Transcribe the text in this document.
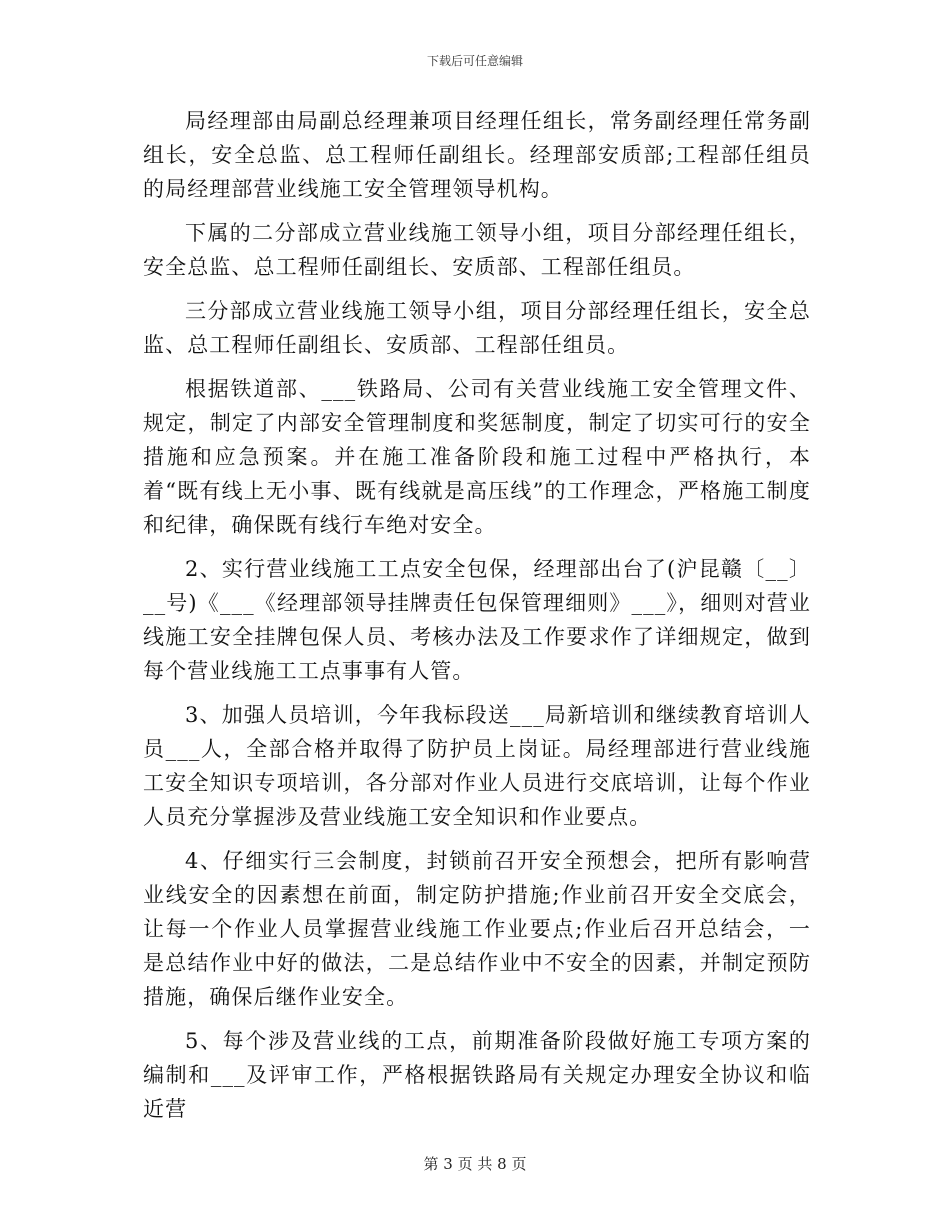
下载后可任意编辑

局经理部由局副总经理兼项目经理任组长，常务副经理任常务副组长，安全总监、总工程师任副组长。经理部安质部;工程部任组员的局经理部营业线施工安全管理领导机构。

下属的二分部成立营业线施工领导小组，项目分部经理任组长，安全总监、总工程师任副组长、安质部、工程部任组员。

三分部成立营业线施工领导小组，项目分部经理任组长，安全总监、总工程师任副组长、安质部、工程部任组员。

根据铁道部、___铁路局、公司有关营业线施工安全管理文件、规定，制定了内部安全管理制度和奖惩制度，制定了切实可行的安全措施和应急预案。并在施工准备阶段和施工过程中严格执行，本着“既有线上无小事、既有线就是高压线”的工作理念，严格施工制度和纪律，确保既有线行车绝对安全。

2、实行营业线施工工点安全包保，经理部出台了(沪昆赣〔__〕__号)《___《经理部领导挂牌责任包保管理细则》___》，细则对营业线施工安全挂牌包保人员、考核办法及工作要求作了详细规定，做到每个营业线施工工点事事有人管。

3、加强人员培训，今年我标段送___局新培训和继续教育培训人员___人，全部合格并取得了防护员上岗证。局经理部进行营业线施工安全知识专项培训，各分部对作业人员进行交底培训，让每个作业人员充分掌握涉及营业线施工安全知识和作业要点。

4、仔细实行三会制度，封锁前召开安全预想会，把所有影响营业线安全的因素想在前面，制定防护措施;作业前召开安全交底会，让每一个作业人员掌握营业线施工作业要点;作业后召开总结会，一是总结作业中好的做法，二是总结作业中不安全的因素，并制定预防措施，确保后继作业安全。

5、每个涉及营业线的工点，前期准备阶段做好施工专项方案的编制和___及评审工作，严格根据铁路局有关规定办理安全协议和临近营

第 3 页 共 8 页
